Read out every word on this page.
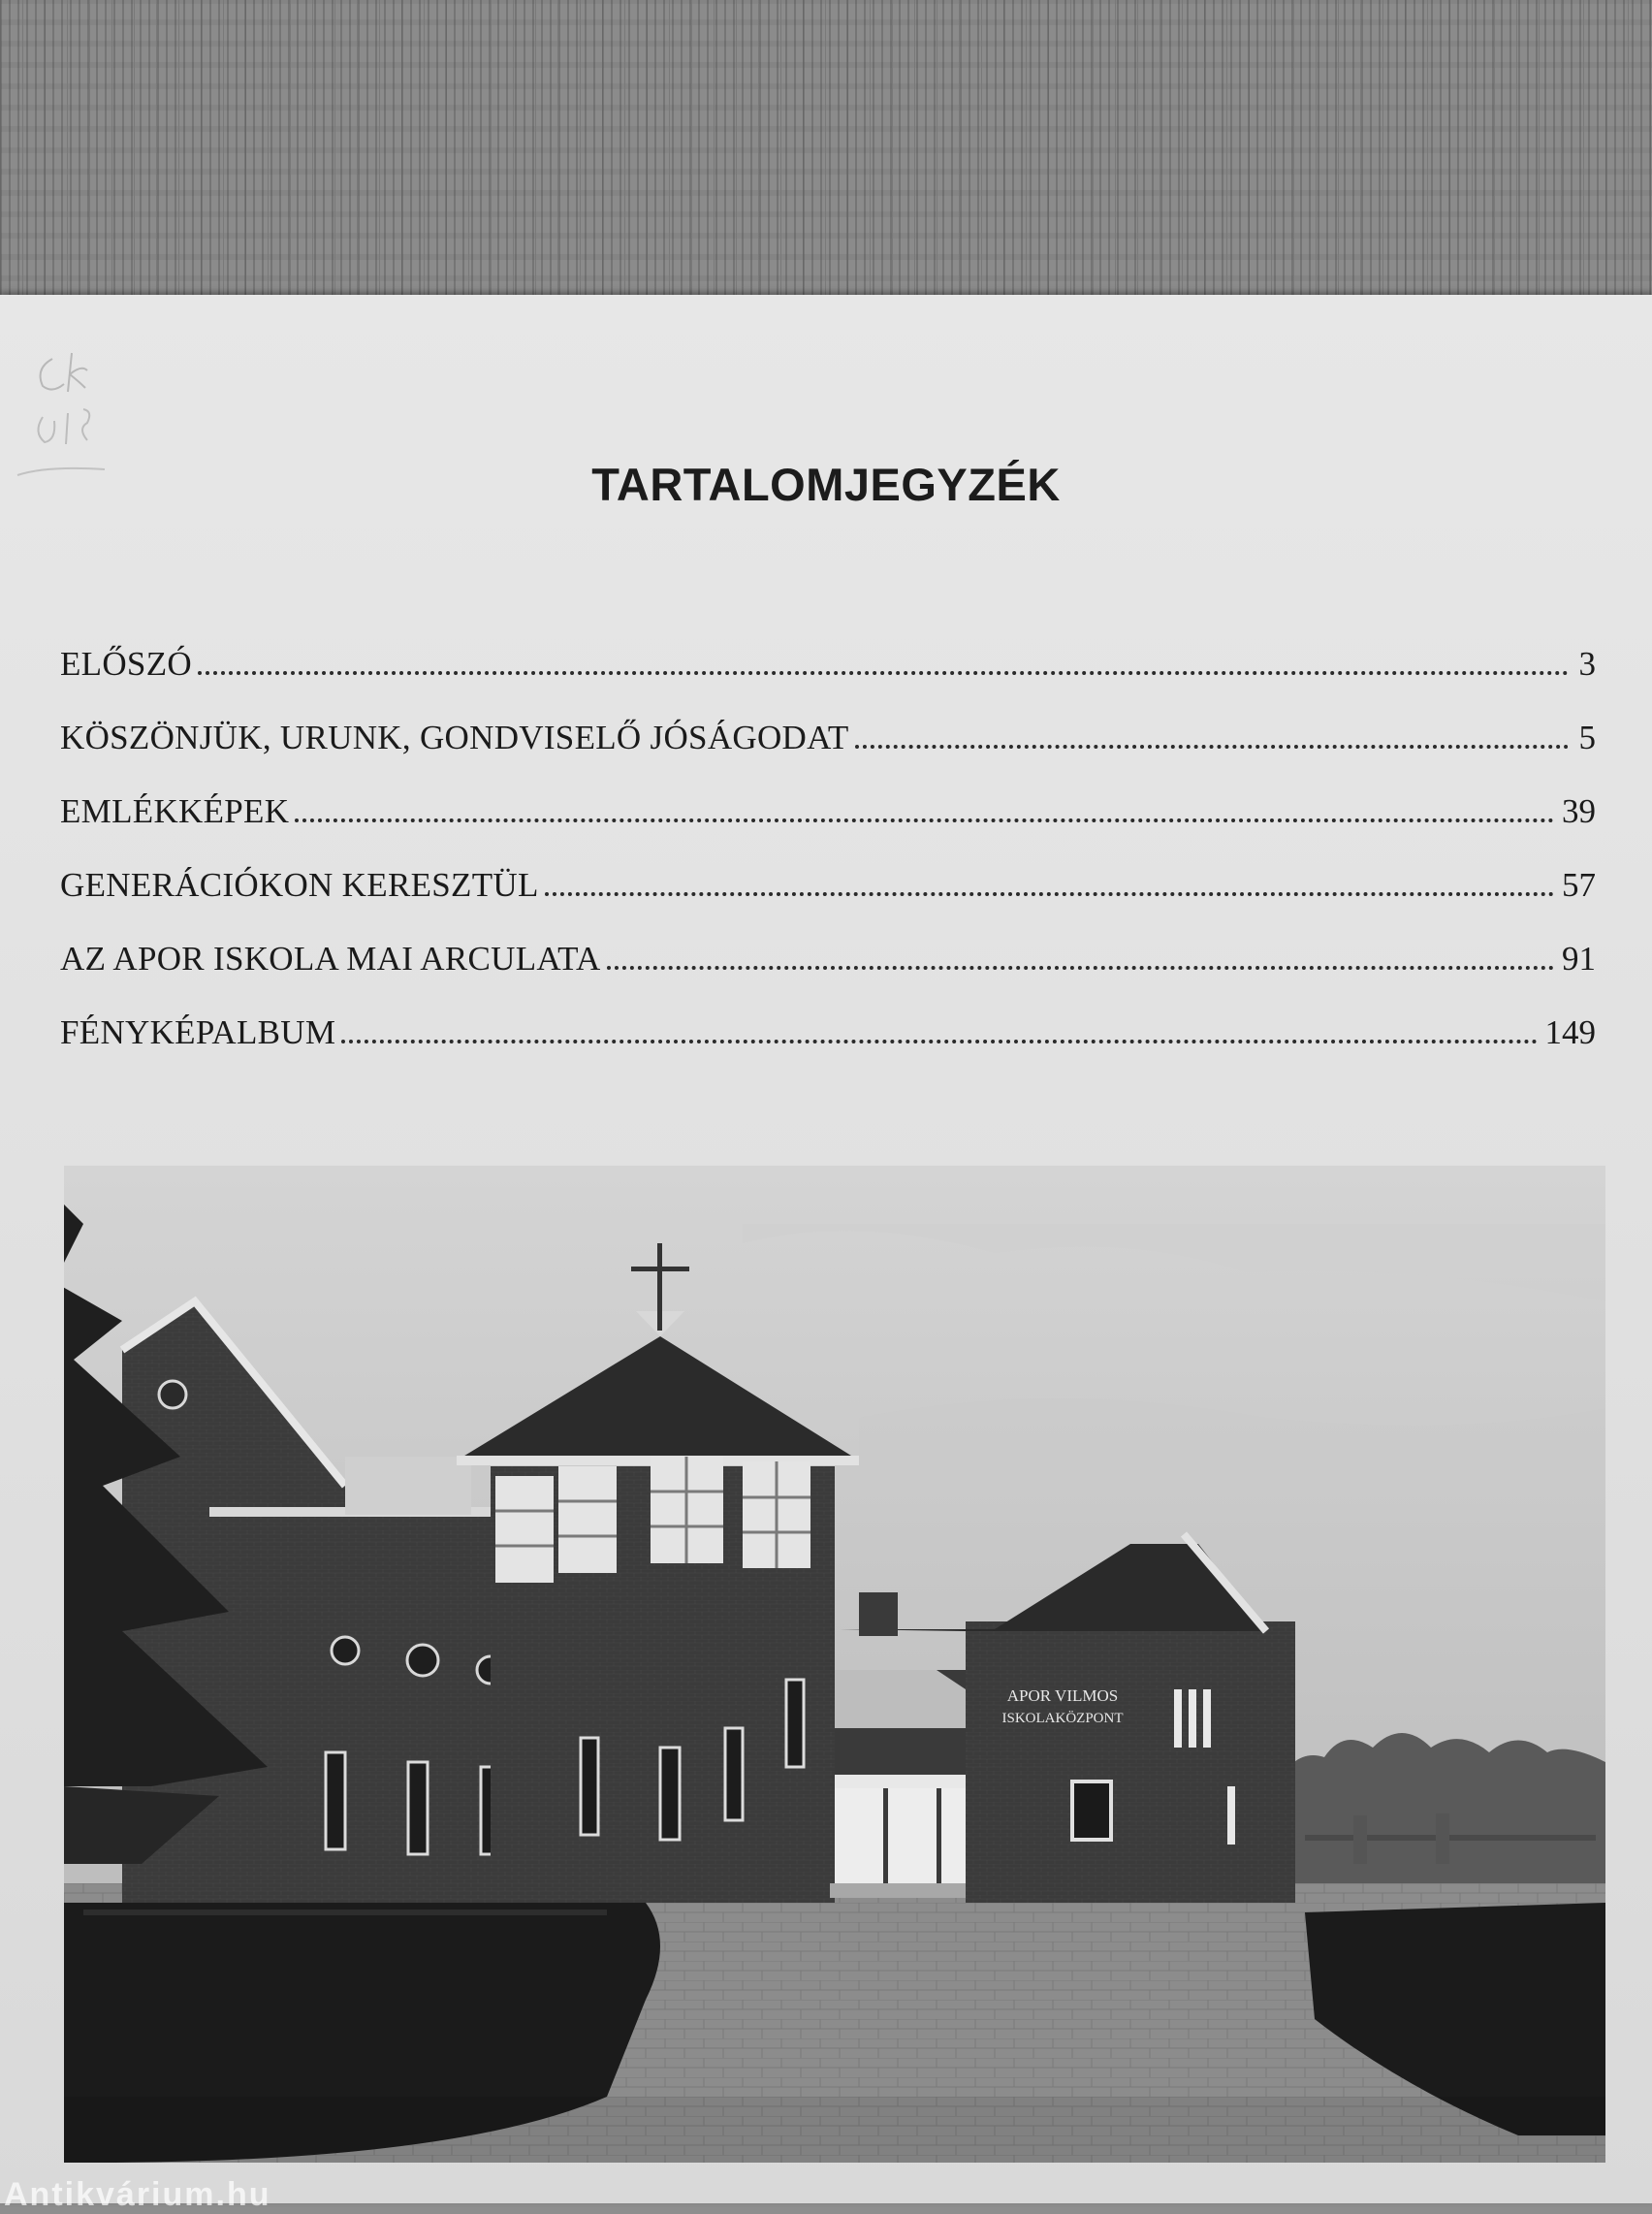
TARTALOMJEGYZÉK
ELŐSZÓ	3
KÖSZÖNJÜK, URUNK, GONDVISELŐ JÓSÁGODAT	5
EMLÉKKÉPEK	39
GENERÁCIÓKON KERESZTÜL	57
AZ APOR ISKOLA MAI ARCULATA	91
FÉNYKÉPALBUM	149
APOR VILMOS
ISKOLAKÖZPONT
Antikvárium.hu
